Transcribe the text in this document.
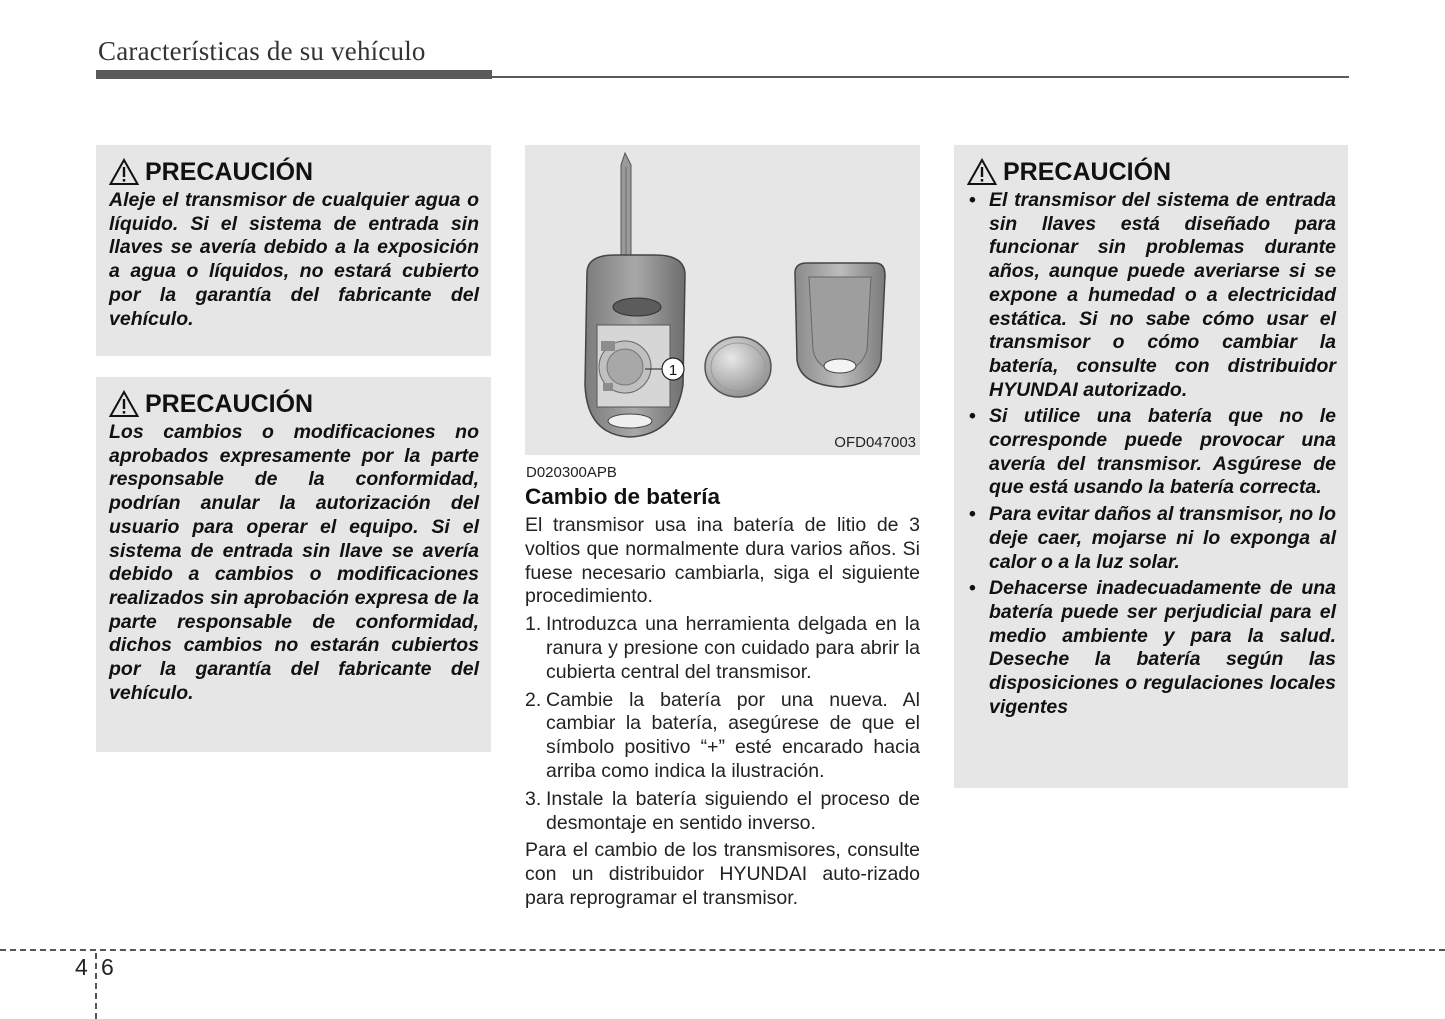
Características de su vehículo
PRECAUCIÓN

Aleje el transmisor de cualquier agua o líquido. Si el sistema de entrada sin llaves se avería debido a la exposición a agua o líquidos, no estará cubierto por la garantía del fabricante del vehículo.

PRECAUCIÓN

Los cambios o modificaciones no aprobados expresamente por la parte responsable de la conformidad, podrían anular la autorización del usuario para operar el equipo. Si el sistema de entrada sin llave se avería debido a cambios o modificaciones realizados sin aprobación expresa de la parte responsable de conformidad, dichos cambios no estarán cubiertos por la garantía del fabricante del vehículo.

1
OFD047003
D020300APB
Cambio de batería

El transmisor usa ina batería de litio de 3 voltios que normalmente dura varios años. Si fuese necesario cambiarla, siga el siguiente procedimiento.

1. Introduzca una herramienta delgada en la ranura y presione con cuidado para abrir la cubierta central del transmisor.
2. Cambie la batería por una nueva. Al cambiar la batería, asegúrese de que el símbolo positivo “+” esté encarado hacia arriba como indica la ilustración.
3. Instale la batería siguiendo el proceso de desmontaje en sentido inverso.

Para el cambio de los transmisores, consulte con un distribuidor HYUNDAI auto-rizado para reprogramar el transmisor.

PRECAUCIÓN
• El transmisor del sistema de entrada sin llaves está diseñado para funcionar sin problemas durante años, aunque puede averiarse si se expone a humedad o a electricidad estática. Si no sabe cómo usar el transmisor o cómo cambiar la batería, consulte con distribuidor HYUNDAI autorizado.
• Si utilice una batería que no le corresponde puede provocar una avería del transmisor. Asgúrese de que está usando la batería correcta.
• Para evitar daños al transmisor, no lo deje caer, mojarse ni lo exponga al calor o a la luz solar.
• Dehacerse inadecuadamente de una batería puede ser perjudicial para el medio ambiente y para la salud. Deseche la batería según las disposiciones o regulaciones locales vigentes
4 6
